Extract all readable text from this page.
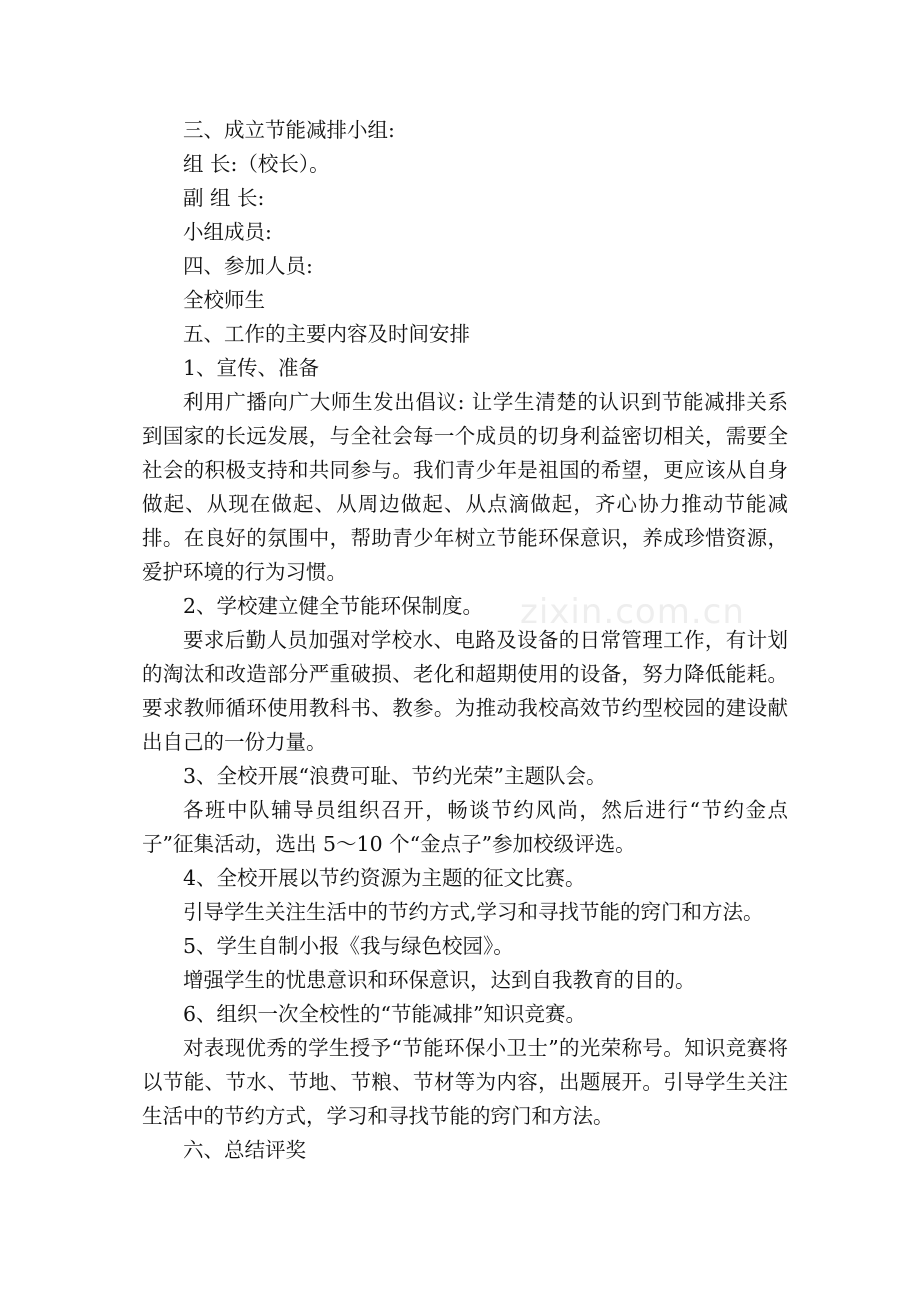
三、成立节能减排小组:

组 长:（校长）。

副 组 长:

小组成员:

四、参加人员:

全校师生

五、工作的主要内容及时间安排

1、宣传、准备

利用广播向广大师生发出倡议: 让学生清楚的认识到节能减排关系到国家的长远发展，与全社会每一个成员的切身利益密切相关，需要全社会的积极支持和共同参与。我们青少年是祖国的希望，更应该从自身做起、从现在做起、从周边做起、从点滴做起，齐心协力推动节能减排。在良好的氛围中，帮助青少年树立节能环保意识，养成珍惜资源，爱护环境的行为习惯。

2、学校建立健全节能环保制度。

要求后勤人员加强对学校水、电路及设备的日常管理工作，有计划的淘汰和改造部分严重破损、老化和超期使用的设备，努力降低能耗。要求教师循环使用教科书、教参。为推动我校高效节约型校园的建设献出自己的一份力量。

3、全校开展“浪费可耻、节约光荣”主题队会。

各班中队辅导员组织召开，畅谈节约风尚，然后进行“节约金点子”征集活动，选出 5～10 个“金点子”参加校级评选。

4、全校开展以节约资源为主题的征文比赛。

引导学生关注生活中的节约方式,学习和寻找节能的窍门和方法。

5、学生自制小报《我与绿色校园》。

增强学生的忧患意识和环保意识，达到自我教育的目的。

6、组织一次全校性的“节能减排”知识竞赛。

对表现优秀的学生授予“节能环保小卫士”的光荣称号。知识竞赛将以节能、节水、节地、节粮、节材等为内容，出题展开。引导学生关注生活中的节约方式，学习和寻找节能的窍门和方法。

六、总结评奖

zixin.com.cn
